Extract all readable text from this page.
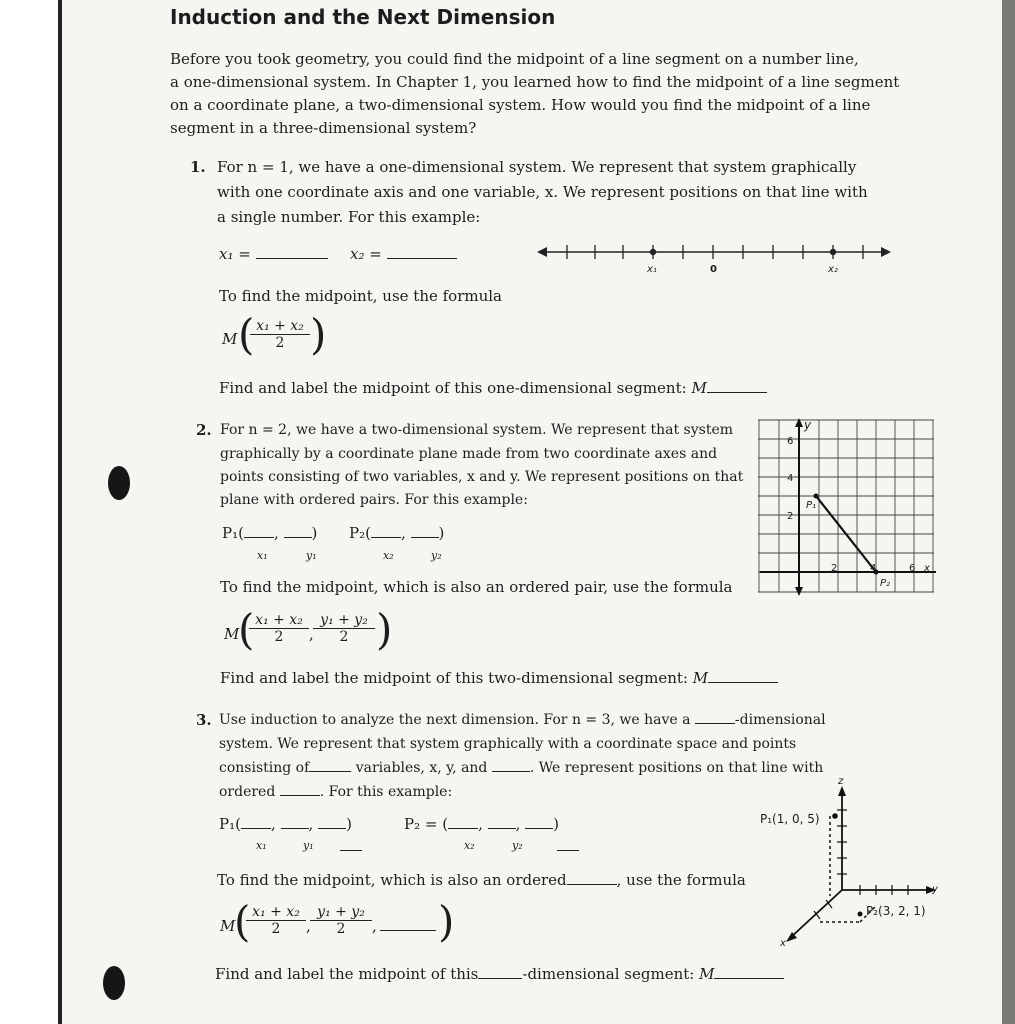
Induction and the Next Dimension
Before you took geometry, you could find the midpoint of a line segment on a number line,
a one-dimensional system. In Chapter 1, you learned how to find the midpoint of a line segment
on a coordinate plane, a two-dimensional system. How would you find the midpoint of a line
segment in a three-dimensional system?
1. For n = 1, we have a one-dimensional system. We represent that system graphically
with one coordinate axis and one variable, x. We represent positions on that line with
a single number. For this example:
x₁ =	x₂ =
x₁	0	x₂
To find the midpoint, use the formula
M (
$\frac{\text{x₁ + x₂}}{2}$ )
Find and label the midpoint of this one-dimensional segment: M
2. For n = 2, we have a two-dimensional system. We represent that system
graphically by a coordinate plane made from two coordinate axes and
points consisting of two variables, x and y. We represent positions on that
plane with ordered pairs. For this example:
P₁( , ) P₂( , )
x₁	y₁	x₂	y₂
To find the midpoint, which is also an ordered pair, use the formula
M
(
$\frac{\text{x₁ + x₂}}{2}$ , $\frac{\text{y₁ + y₂}}{2}$ )
Find and label the midpoint of this two-dimensional segment: M
y
6
4
2
2	4	6 x
P₁
P₂
3. Use induction to analyze the next dimension. For n = 3, we have a	-dimensional
system. We represent that system graphically with a coordinate space and points
consisting of	variables, x, y, and	. We represent positions on that line with
ordered	. For this example:
P₁( , , )	P₂ = ( , , )
x₁	y₁	x₂	y₂
To find the midpoint, which is also an ordered	, use the formula
M
(
$\frac{\text{x₁ + x₂}}{2}$ , $\frac{\text{y₁ + y₂}}{2}$ , )
Find and label the midpoint of this	-dimensional segment: M
z
y
x
P₁(1, 0, 5)
P₂(3, 2, 1)
